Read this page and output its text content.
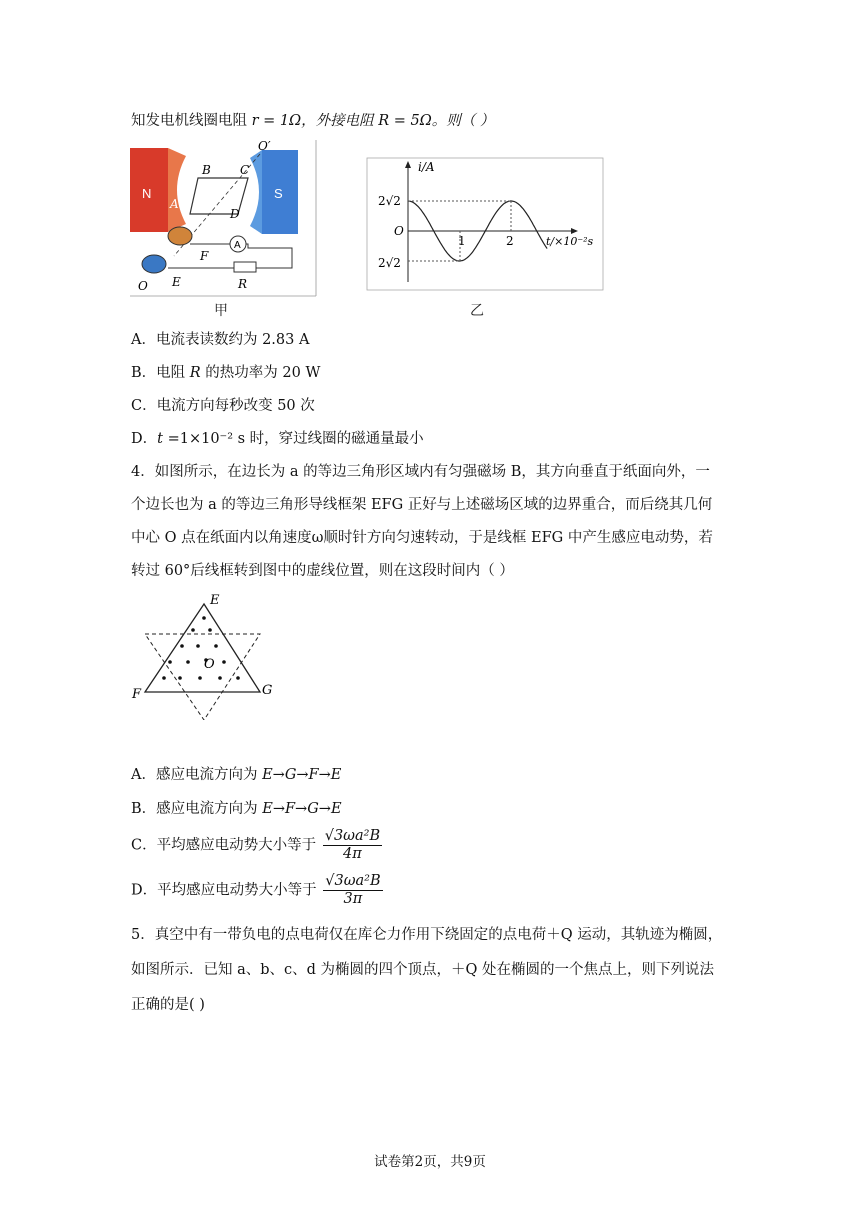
知发电机线圈电阻 r = 1Ω，外接电阻 R = 5Ω。则（ ）
N	S
A
B C
O′
A
D
F
E	R
O
甲
i/A
2√2
2√2
O
1	2	t/×10⁻²s
乙
A．电流表读数约为 2.83 A
B．电阻 R 的热功率为 20 W
C．电流方向每秒改变 50 次
D．t =1×10⁻² s 时，穿过线圈的磁通量最小
4．如图所示，在边长为 a 的等边三角形区域内有匀强磁场 B，其方向垂直于纸面向外，一
个边长也为 a 的等边三角形导线框架 EFG 正好与上述磁场区域的边界重合，而后绕其几何
中心 O 点在纸面内以角速度ω顺时针方向匀速转动，于是线框 EFG 中产生感应电动势，若
转过 60°后线框转到图中的虚线位置，则在这段时间内（ ）
E
F	G
O
A．感应电流方向为 E→G→F→E
B．感应电流方向为 E→F→G→E
C．平均感应电动势大小等于 $\frac{\text{√3ωa²B}}{4\pi}$
D．平均感应电动势大小等于 $\frac{\text{√3ωa²B}}{3\pi}$
5．真空中有一带负电的点电荷仅在库仑力作用下绕固定的点电荷＋Q 运动，其轨迹为椭圆，
如图所示．已知 a、b、c、d 为椭圆的四个顶点，＋Q 处在椭圆的一个焦点上，则下列说法
正确的是( )
试卷第2页，共9页
